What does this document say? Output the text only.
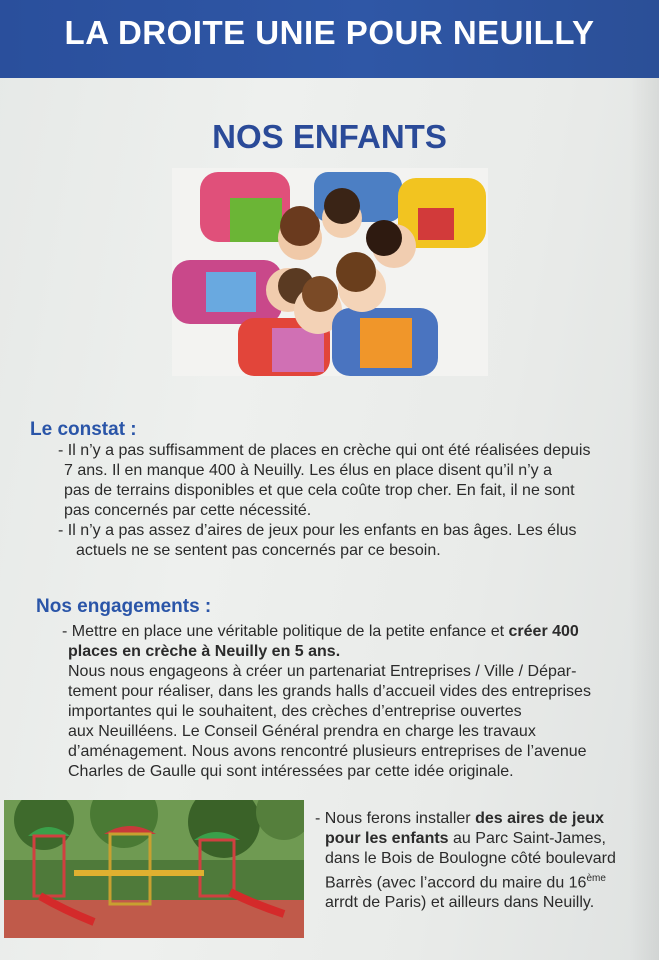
LA DROITE UNIE POUR NEUILLY
NOS ENFANTS
Le constat :
- Il n’y a pas suffisamment de places en crèche qui ont été réalisées depuis
7 ans. Il en manque 400 à Neuilly. Les élus en place disent qu’il n’y a
pas de terrains disponibles et que cela coûte trop cher. En fait, il ne sont
pas concernés par cette nécessité.
- Il n’y a pas assez d’aires de jeux pour les enfants en bas âges. Les élus
actuels ne se sentent pas concernés par ce besoin.
Nos engagements :
- Mettre en place une véritable politique de la petite enfance et créer 400
places en crèche à Neuilly en 5 ans.
Nous nous engageons à créer un partenariat Entreprises / Ville / Dépar-
tement pour réaliser, dans les grands halls d’accueil vides des entreprises
importantes qui le souhaitent, des crèches d’entreprise ouvertes
aux Neuilléens. Le Conseil Général prendra en charge les travaux
d’aménagement. Nous avons rencontré plusieurs entreprises de l’avenue
Charles de Gaulle qui sont intéressées par cette idée originale.
- Nous ferons installer des aires de jeux
pour les enfants au Parc Saint-James,
dans le Bois de Boulogne côté boulevard
Barrès (avec l’accord du maire du 16ème
arrdt de Paris) et ailleurs dans Neuilly.
